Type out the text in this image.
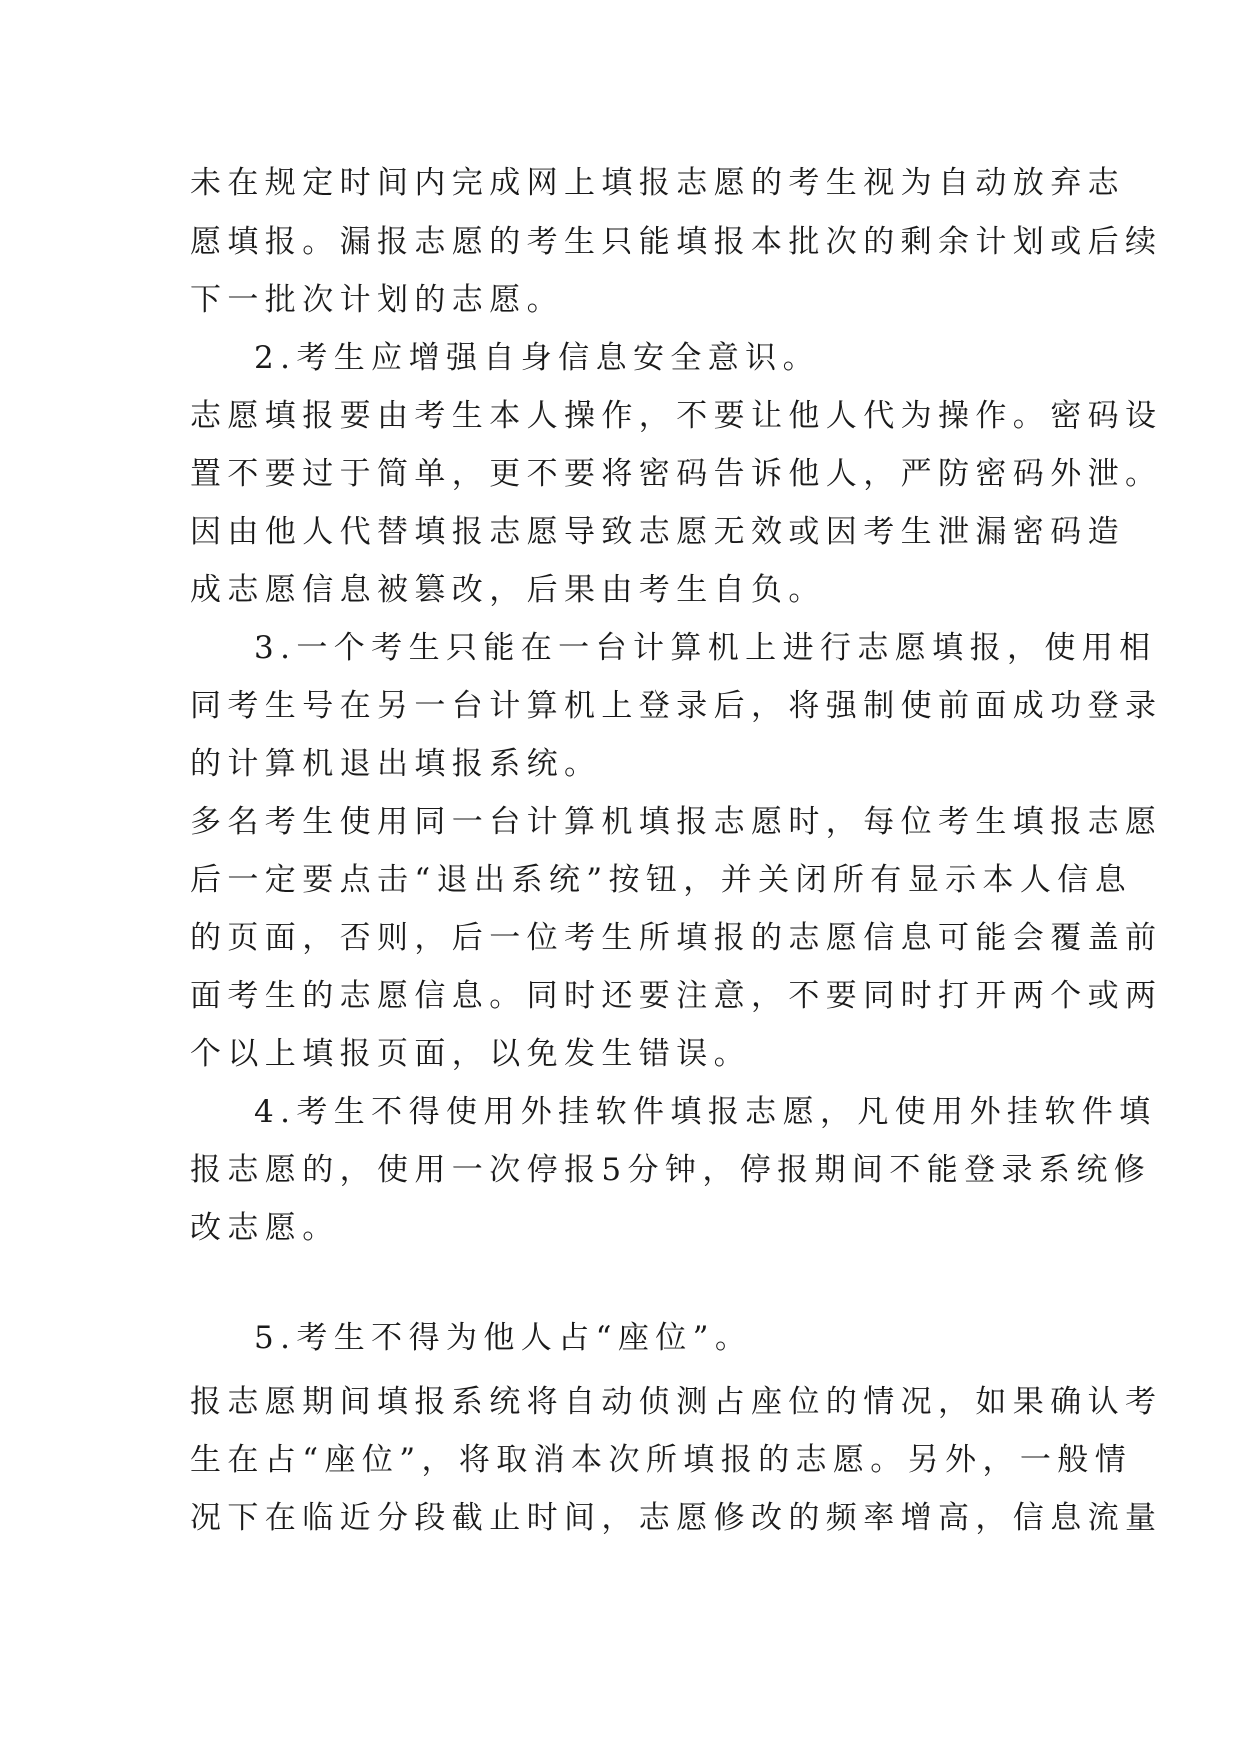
未在规定时间内完成网上填报志愿的考生视为自动放弃志
愿填报。漏报志愿的考生只能填报本批次的剩余计划或后续
下一批次计划的志愿。
2.考生应增强自身信息安全意识。
志愿填报要由考生本人操作，不要让他人代为操作。密码设
置不要过于简单，更不要将密码告诉他人，严防密码外泄。
因由他人代替填报志愿导致志愿无效或因考生泄漏密码造
成志愿信息被篡改，后果由考生自负。
3.一个考生只能在一台计算机上进行志愿填报，使用相
同考生号在另一台计算机上登录后，将强制使前面成功登录
的计算机退出填报系统。
多名考生使用同一台计算机填报志愿时，每位考生填报志愿
后一定要点击“退出系统”按钮，并关闭所有显示本人信息
的页面，否则，后一位考生所填报的志愿信息可能会覆盖前
面考生的志愿信息。同时还要注意，不要同时打开两个或两
个以上填报页面，以免发生错误。
4.考生不得使用外挂软件填报志愿，凡使用外挂软件填
报志愿的，使用一次停报5分钟，停报期间不能登录系统修
改志愿。
5.考生不得为他人占“座位”。
报志愿期间填报系统将自动侦测占座位的情况，如果确认考
生在占“座位”，将取消本次所填报的志愿。另外，一般情
况下在临近分段截止时间，志愿修改的频率增高，信息流量
